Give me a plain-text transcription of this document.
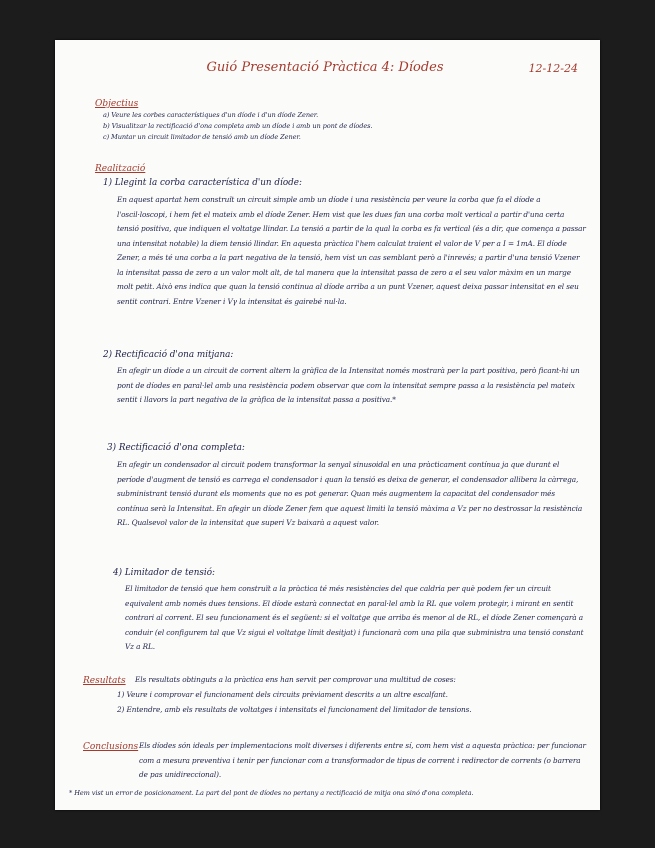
Guió Presentació Pràctica 4: Díodes	12-12-24
Objectius
a) Veure les corbes característiques d'un díode i d'un díode Zener.
b) Visualitzar la rectificació d'ona completa amb un díode i amb un pont de díodes.
c) Muntar un circuit limitador de tensió amb un díode Zener.
Realització
1) Llegint la corba característica d'un díode:
En aquest apartat hem construït un circuit simple amb un díode i una resistència per veure la corba que fa el díode a l'oscil·loscopi, i hem fet el mateix amb el díode Zener. Hem vist que les dues fan una corba molt vertical a partir d'una certa tensió positiva, que indiquen el voltatge llindar. La tensió a partir de la qual la corba es fa vertical (és a dir, que comença a passar una intensitat notable) la diem tensió llindar. En aquesta pràctica l'hem calculat traient el valor de V per a I = 1mA. El díode Zener, a més té una corba a la part negativa de la tensió, hem vist un cas semblant però a l'inrevés; a partir d'una tensió Vzener la intensitat passa de zero a un valor molt alt, de tal manera que la intensitat passa de zero a el seu valor màxim en un marge molt petit. Això ens indica que quan la tensió continua al díode arriba a un punt Vzener, aquest deixa passar intensitat en el seu sentit contrari. Entre Vzener i Vγ la intensitat és gairebé nul·la.
2) Rectificació d'ona mitjana:
En afegir un díode a un circuit de corrent altern la gràfica de la Intensitat només mostrarà per la part positiva, però ficant-hi un pont de díodes en paral·lel amb una resistència podem observar que com la intensitat sempre passa a la resistència pel mateix sentit i llavors la part negativa de la gràfica de la intensitat passa a positiva.*
3) Rectificació d'ona completa:
En afegir un condensador al circuit podem transformar la senyal sinusoidal en una pràcticament contínua ja que durant el període d'augment de tensió es carrega el condensador i quan la tensió es deixa de generar, el condensador allibera la càrrega, subministrant tensió durant els moments que no es pot generar. Quan més augmentem la capacitat del condensador més contínua serà la Intensitat. En afegir un díode Zener fem que aquest limiti la tensió màxima a Vz per no destrossar la resistència RL. Qualsevol valor de la intensitat que superi Vz baixarà a aquest valor.
4) Limitador de tensió:
El limitador de tensió que hem construït a la pràctica té més resistències del que caldria per què podem fer un circuit equivalent amb només dues tensions. El díode estarà connectat en paral·lel amb la RL que volem protegir, i mirant en sentit contrari al corrent. El seu funcionament és el següent: si el voltatge que arriba és menor al de RL, el díode Zener començarà a conduir (el configurem tal que Vz sigui el voltatge límit desitjat) i funcionarà com una pila que subministra una tensió constant Vz a RL.
Resultats Els resultats obtinguts a la pràctica ens han servit per comprovar una multitud de coses:
1) Veure i comprovar el funcionament dels circuits prèviament descrits a un altre escalfant.
2) Entendre, amb els resultats de voltatges i intensitats el funcionament del limitador de tensions.
Conclusions Els díodes són ideals per implementacions molt diverses i diferents entre sí, com hem vist a aquesta pràctica: per funcionar com a mesura preventiva i tenir per funcionar com a transformador de tipus de corrent i redirector de corrents (o barrera de pas unidireccional).
* Hem vist un error de posicionament. La part del pont de díodes no pertany a rectificació de mitja ona sinó d'ona completa.
